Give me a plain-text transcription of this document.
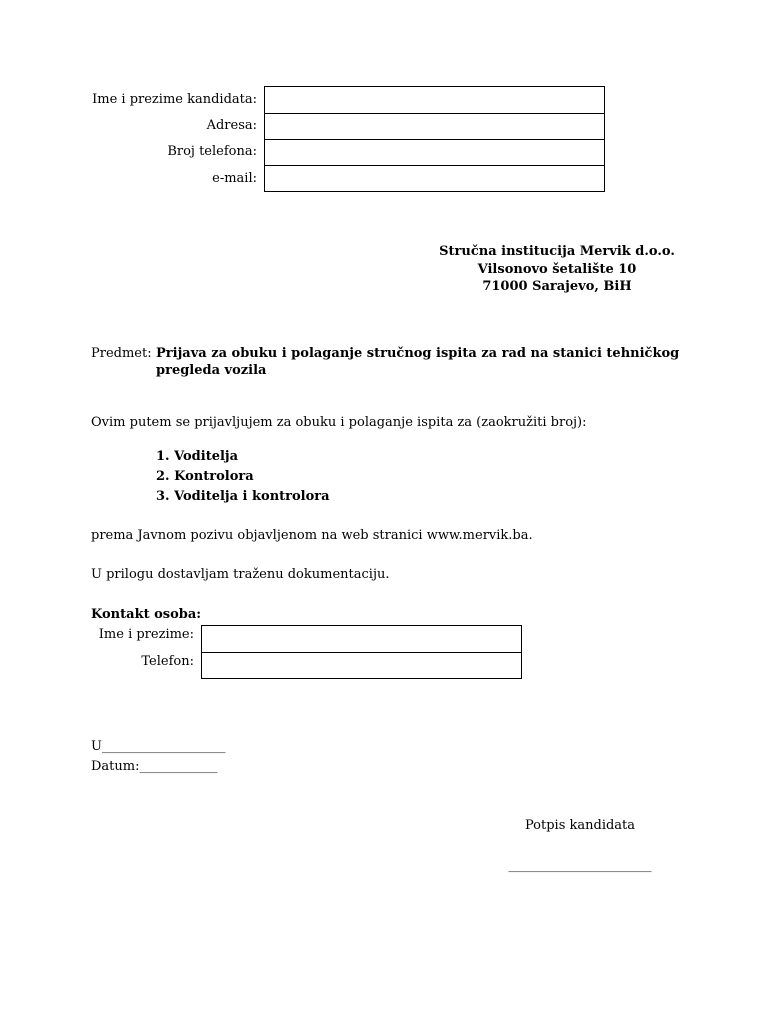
Ime i prezime kandidata:
Adresa:
Broj telefona:
e-mail:
Stručna institucija Mervik d.o.o.
Vilsonovo šetalište 10
71000 Sarajevo, BiH
Predmet: Prijava za obuku i polaganje stručnog ispita za rad na stanici tehničkog
pregleda vozila
Ovim putem se prijavljujem za obuku i polaganje ispita za (zaokružiti broj):
1. Voditelja
2. Kontrolora
3. Voditelja i kontrolora
prema Javnom pozivu objavljenom na web stranici www.mervik.ba.
U prilogu dostavljam traženu dokumentaciju.
Kontakt osoba:
Ime i prezime:
Telefon:
U___________________
Datum:____________
Potpis kandidata
______________________
